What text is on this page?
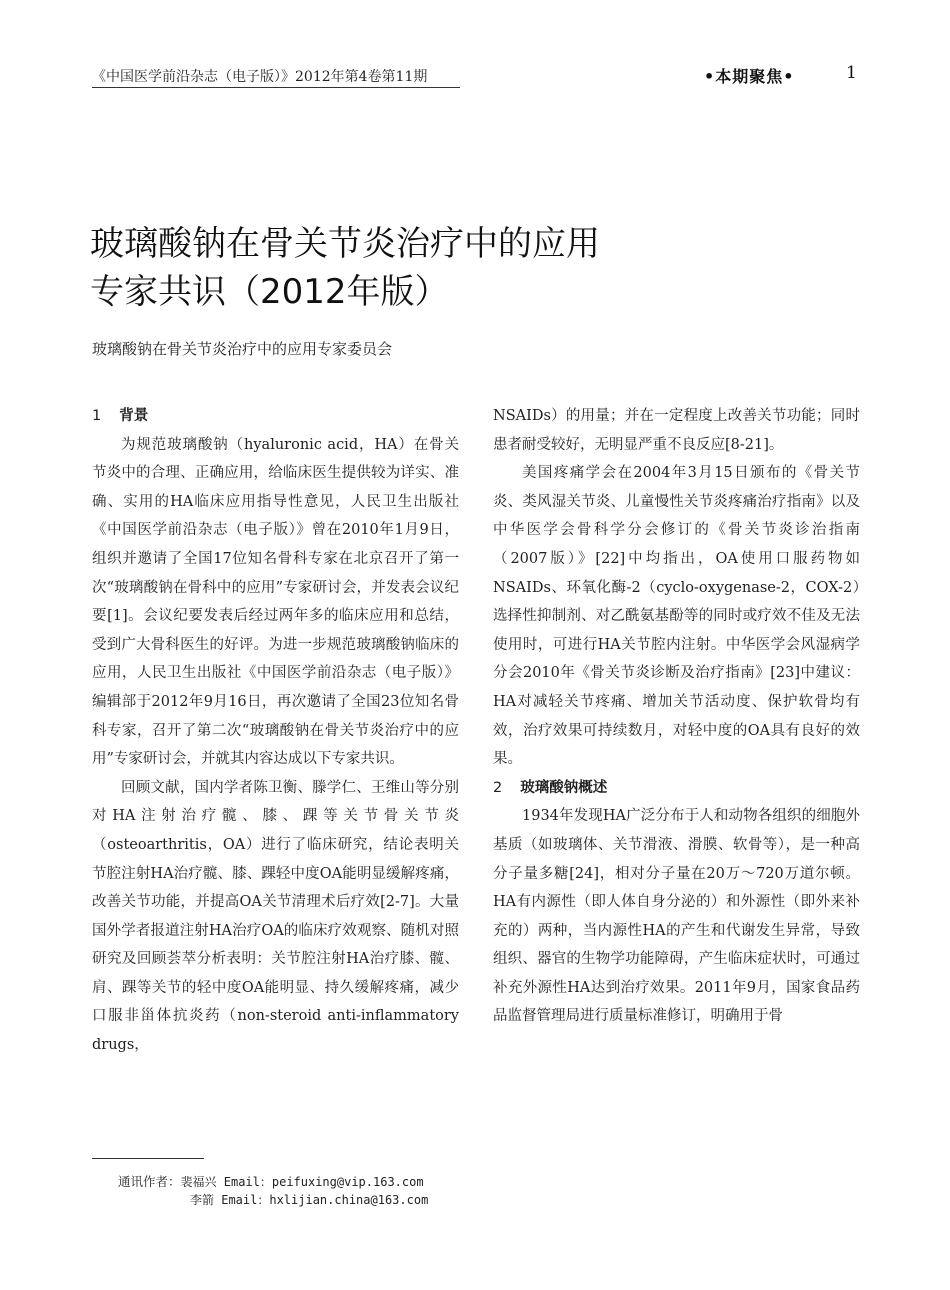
《中国医学前沿杂志（电子版）》2012年第4卷第11期	•本期聚焦•	1
玻璃酸钠在骨关节炎治疗中的应用
专家共识（2012年版）
玻璃酸钠在骨关节炎治疗中的应用专家委员会

1 背景

为规范玻璃酸钠（hyaluronic acid，HA）在骨关节炎中的合理、正确应用，给临床医生提供较为详实、准确、实用的HA临床应用指导性意见，人民卫生出版社《中国医学前沿杂志（电子版）》曾在2010年1月9日，组织并邀请了全国17位知名骨科专家在北京召开了第一次“玻璃酸钠在骨科中的应用”专家研讨会，并发表会议纪要[1]。会议纪要发表后经过两年多的临床应用和总结，受到广大骨科医生的好评。为进一步规范玻璃酸钠临床的应用，人民卫生出版社《中国医学前沿杂志（电子版）》编辑部于2012年9月16日，再次邀请了全国23位知名骨科专家，召开了第二次“玻璃酸钠在骨关节炎治疗中的应用”专家研讨会，并就其内容达成以下专家共识。

回顾文献，国内学者陈卫衡、滕学仁、王维山等分别对HA注射治疗髋、膝、踝等关节骨关节炎（osteoarthritis，OA）进行了临床研究，结论表明关节腔注射HA治疗髋、膝、踝轻中度OA能明显缓解疼痛，改善关节功能，并提高OA关节清理术后疗效[2-7]。大量国外学者报道注射HA治疗OA的临床疗效观察、随机对照研究及回顾荟萃分析表明：关节腔注射HA治疗膝、髋、肩、踝等关节的轻中度OA能明显、持久缓解疼痛，减少口服非甾体抗炎药（non-steroid anti-inflammatory drugs，

NSAIDs）的用量；并在一定程度上改善关节功能；同时患者耐受较好，无明显严重不良反应[8-21]。

美国疼痛学会在2004年3月15日颁布的《骨关节炎、类风湿关节炎、儿童慢性关节炎疼痛治疗指南》以及中华医学会骨科学分会修订的《骨关节炎诊治指南（2007版）》[22]中均指出，OA使用口服药物如NSAIDs、环氧化酶-2（cyclo-oxygenase-2，COX-2）选择性抑制剂、对乙酰氨基酚等的同时或疗效不佳及无法使用时，可进行HA关节腔内注射。中华医学会风湿病学分会2010年《骨关节炎诊断及治疗指南》[23]中建议：HA对减轻关节疼痛、增加关节活动度、保护软骨均有效，治疗效果可持续数月，对轻中度的OA具有良好的效果。

2 玻璃酸钠概述

1934年发现HA广泛分布于人和动物各组织的细胞外基质（如玻璃体、关节滑液、滑膜、软骨等），是一种高分子量多糖[24]，相对分子量在20万～720万道尔顿。HA有内源性（即人体自身分泌的）和外源性（即外来补充的）两种，当内源性HA的产生和代谢发生异常，导致组织、器官的生物学功能障碍，产生临床症状时，可通过补充外源性HA达到治疗效果。2011年9月，国家食品药品监督管理局进行质量标准修订，明确用于骨

通讯作者：裴福兴 Email：peifuxing@vip.163.com
李箭 Email：hxlijian.china@163.com
